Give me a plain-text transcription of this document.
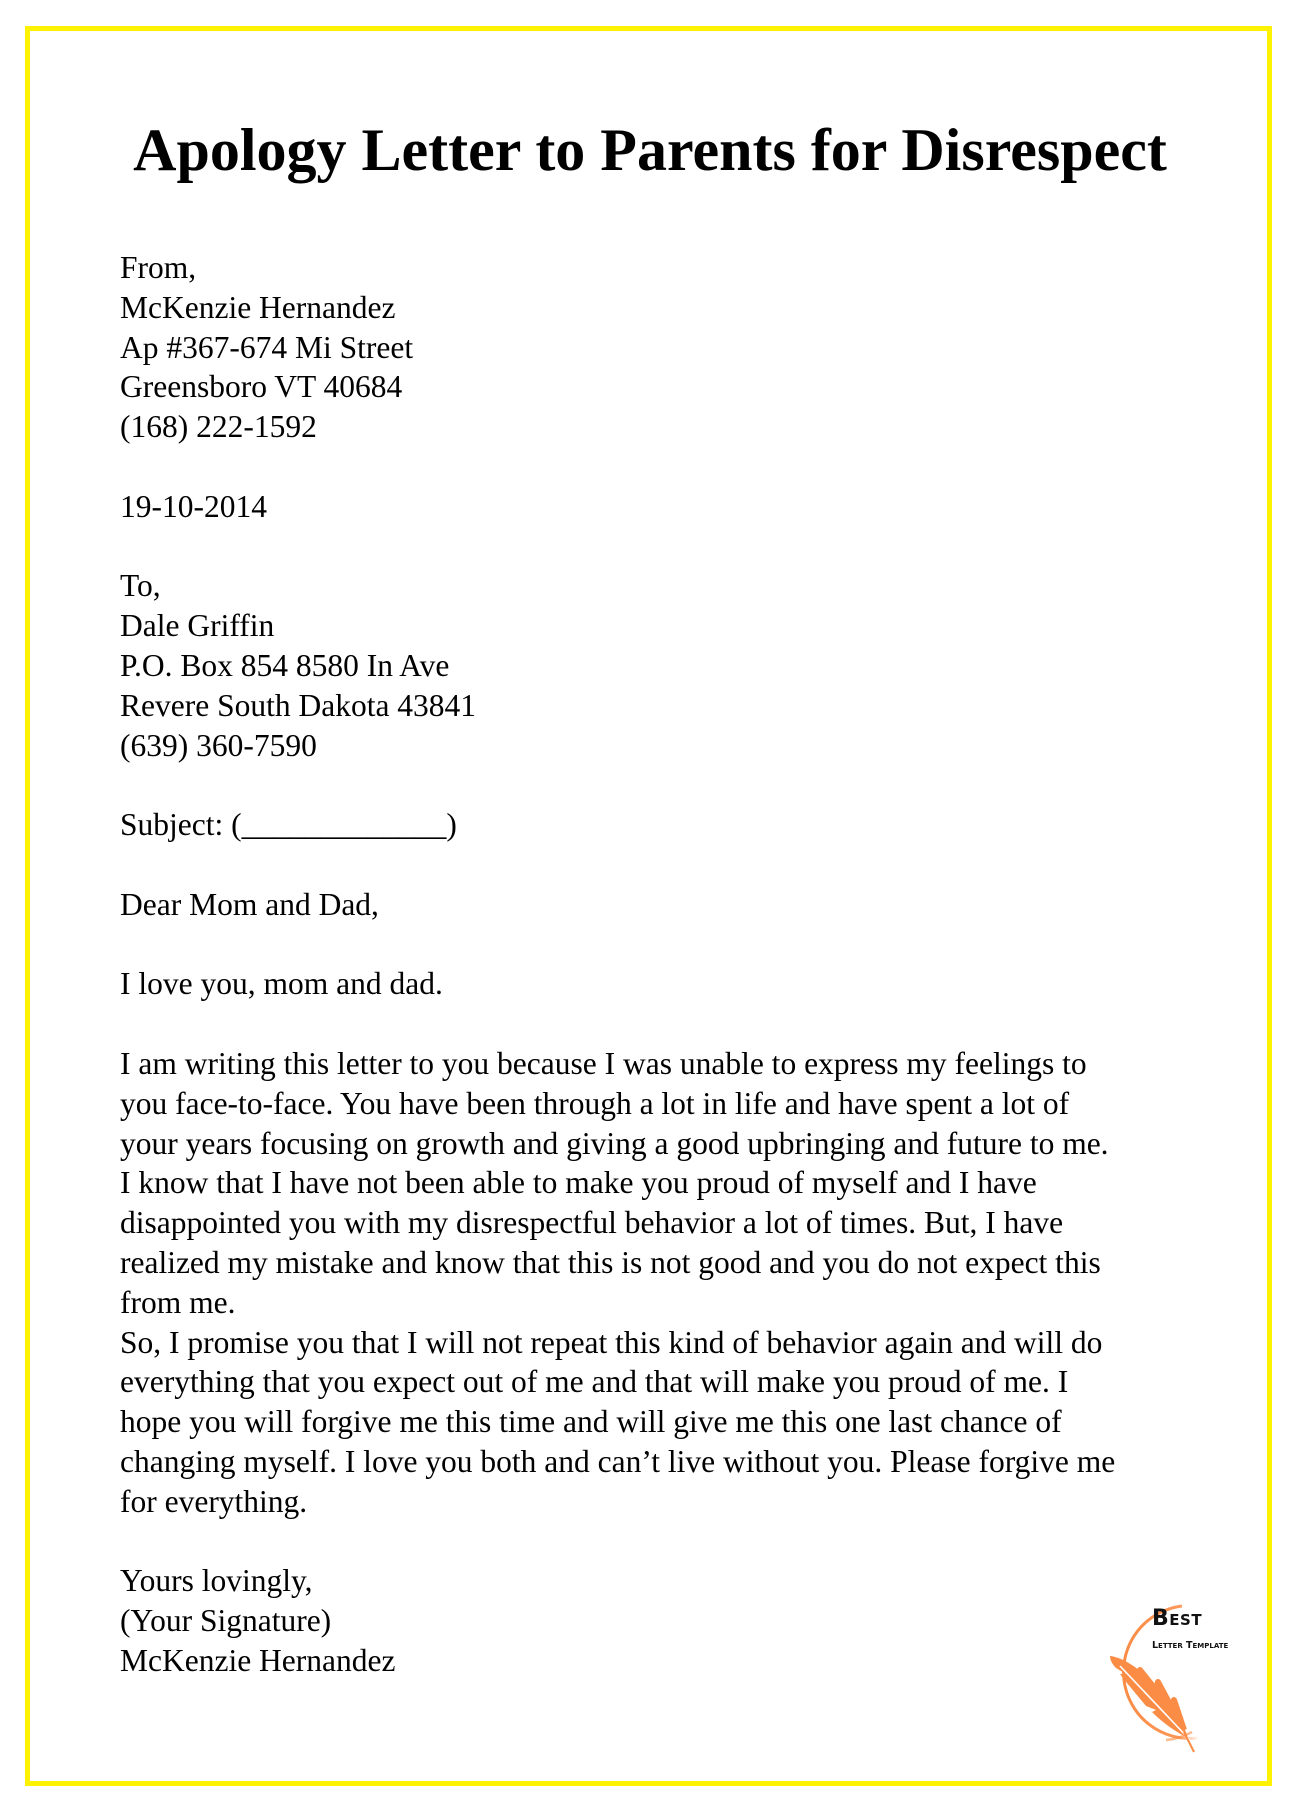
Apology Letter to Parents for Disrespect
From,
McKenzie Hernandez
Ap #367-674 Mi Street
Greensboro VT 40684
(168) 222-1592
19-10-2014
To,
Dale Griffin
P.O. Box 854 8580 In Ave
Revere South Dakota 43841
(639) 360-7590
Subject: (_____________)
Dear Mom and Dad,
I love you, mom and dad.
I am writing this letter to you because I was unable to express my feelings to
you face-to-face. You have been through a lot in life and have spent a lot of
your years focusing on growth and giving a good upbringing and future to me.
I know that I have not been able to make you proud of myself and I have
disappointed you with my disrespectful behavior a lot of times. But, I have
realized my mistake and know that this is not good and you do not expect this
from me.
So, I promise you that I will not repeat this kind of behavior again and will do
everything that you expect out of me and that will make you proud of me. I
hope you will forgive me this time and will give me this one last chance of
changing myself. I love you both and can’t live without you. Please forgive me
for everything.
Yours lovingly,
(Your Signature)
McKenzie Hernandez
Best
Letter Template
